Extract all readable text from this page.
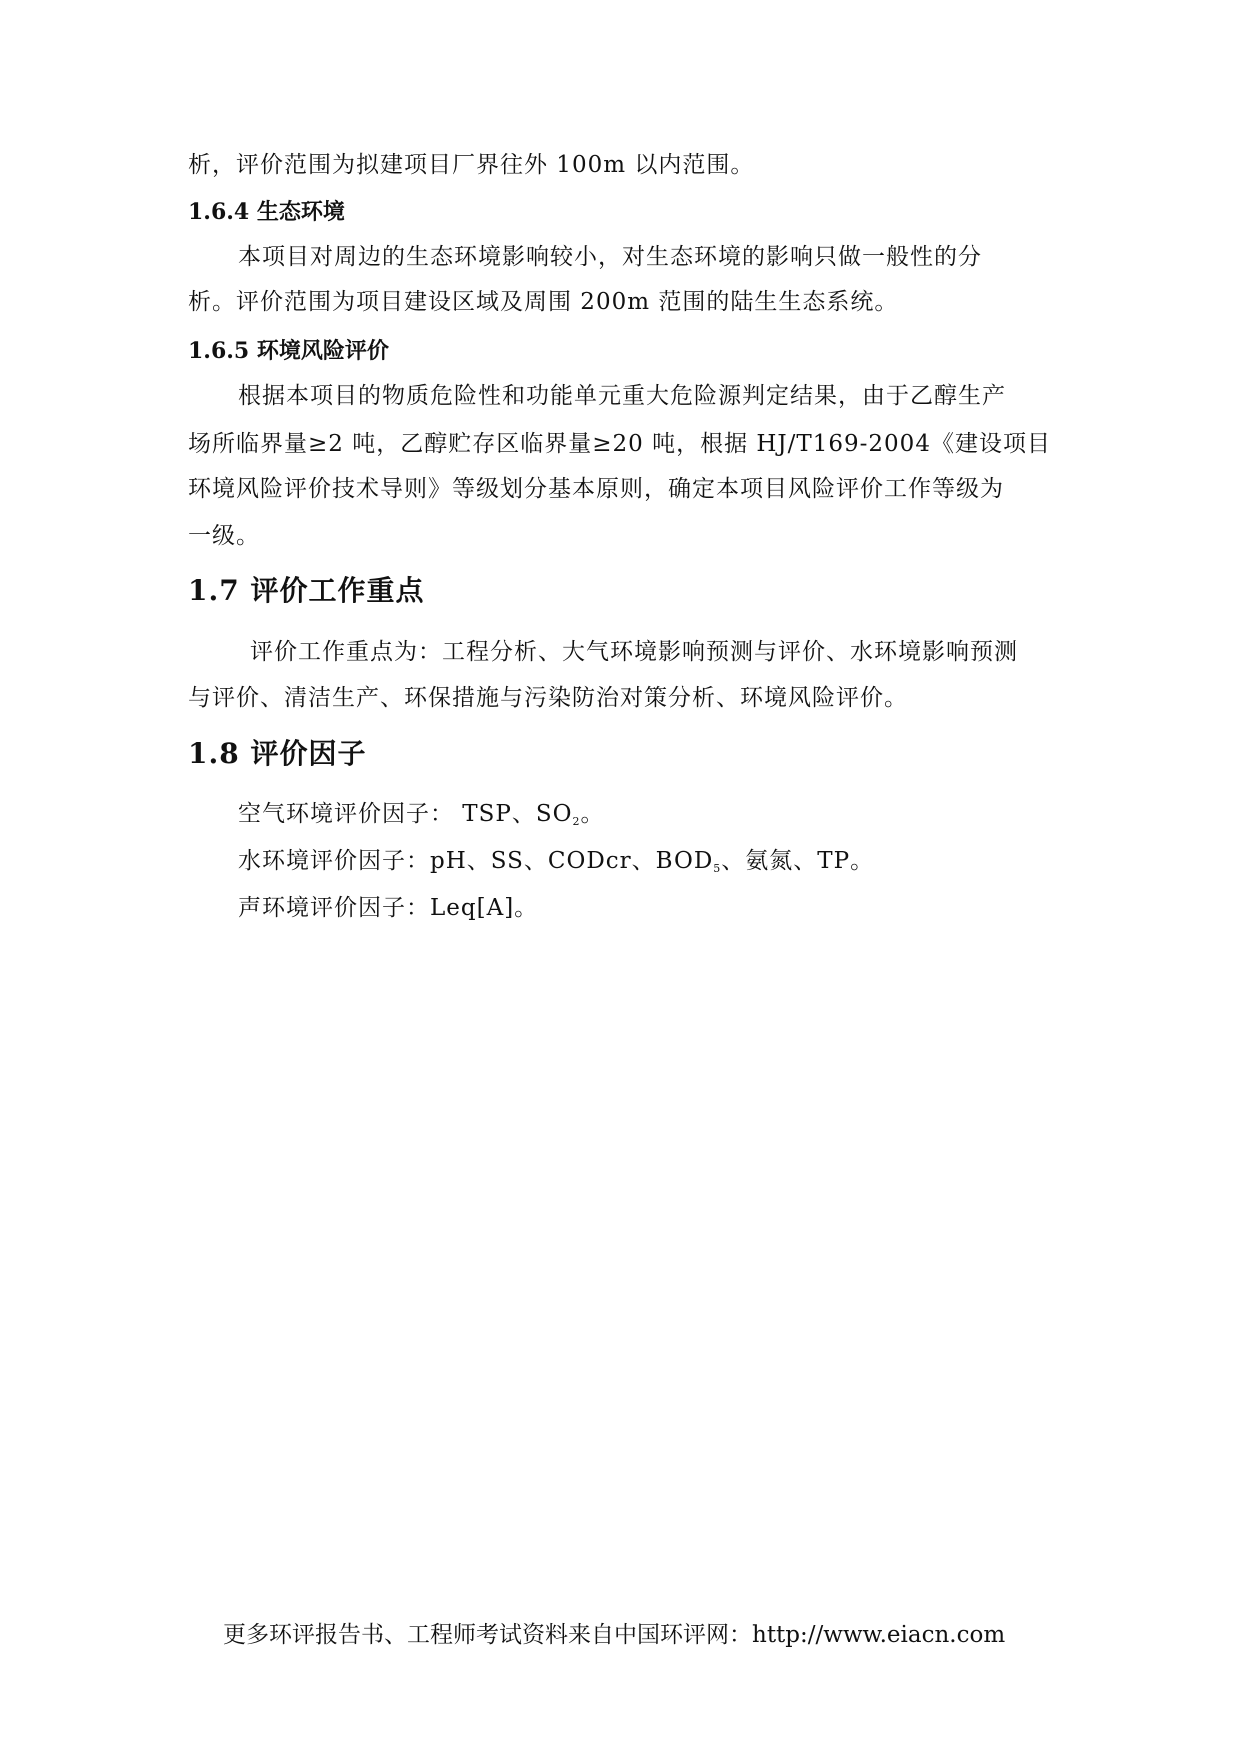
析，评价范围为拟建项目厂界往外 100m 以内范围。
1.6.4 生态环境
本项目对周边的生态环境影响较小，对生态环境的影响只做一般性的分
析。评价范围为项目建设区域及周围 200m 范围的陆生生态系统。
1.6.5 环境风险评价
根据本项目的物质危险性和功能单元重大危险源判定结果，由于乙醇生产
场所临界量≥2 吨，乙醇贮存区临界量≥20 吨，根据 HJ/T169-2004《建设项目
环境风险评价技术导则》等级划分基本原则，确定本项目风险评价工作等级为
一级。
1.7 评价工作重点
评价工作重点为：工程分析、大气环境影响预测与评价、水环境影响预测
与评价、清洁生产、环保措施与污染防治对策分析、环境风险评价。
1.8 评价因子
空气环境评价因子： TSP、$SO_2$。
水环境评价因子：pH、SS、CODcr、$BOD_5$、氨氮、TP。
声环境评价因子：Leq[A]。
更多环评报告书、工程师考试资料来自中国环评网：http://www.eiacn.com
